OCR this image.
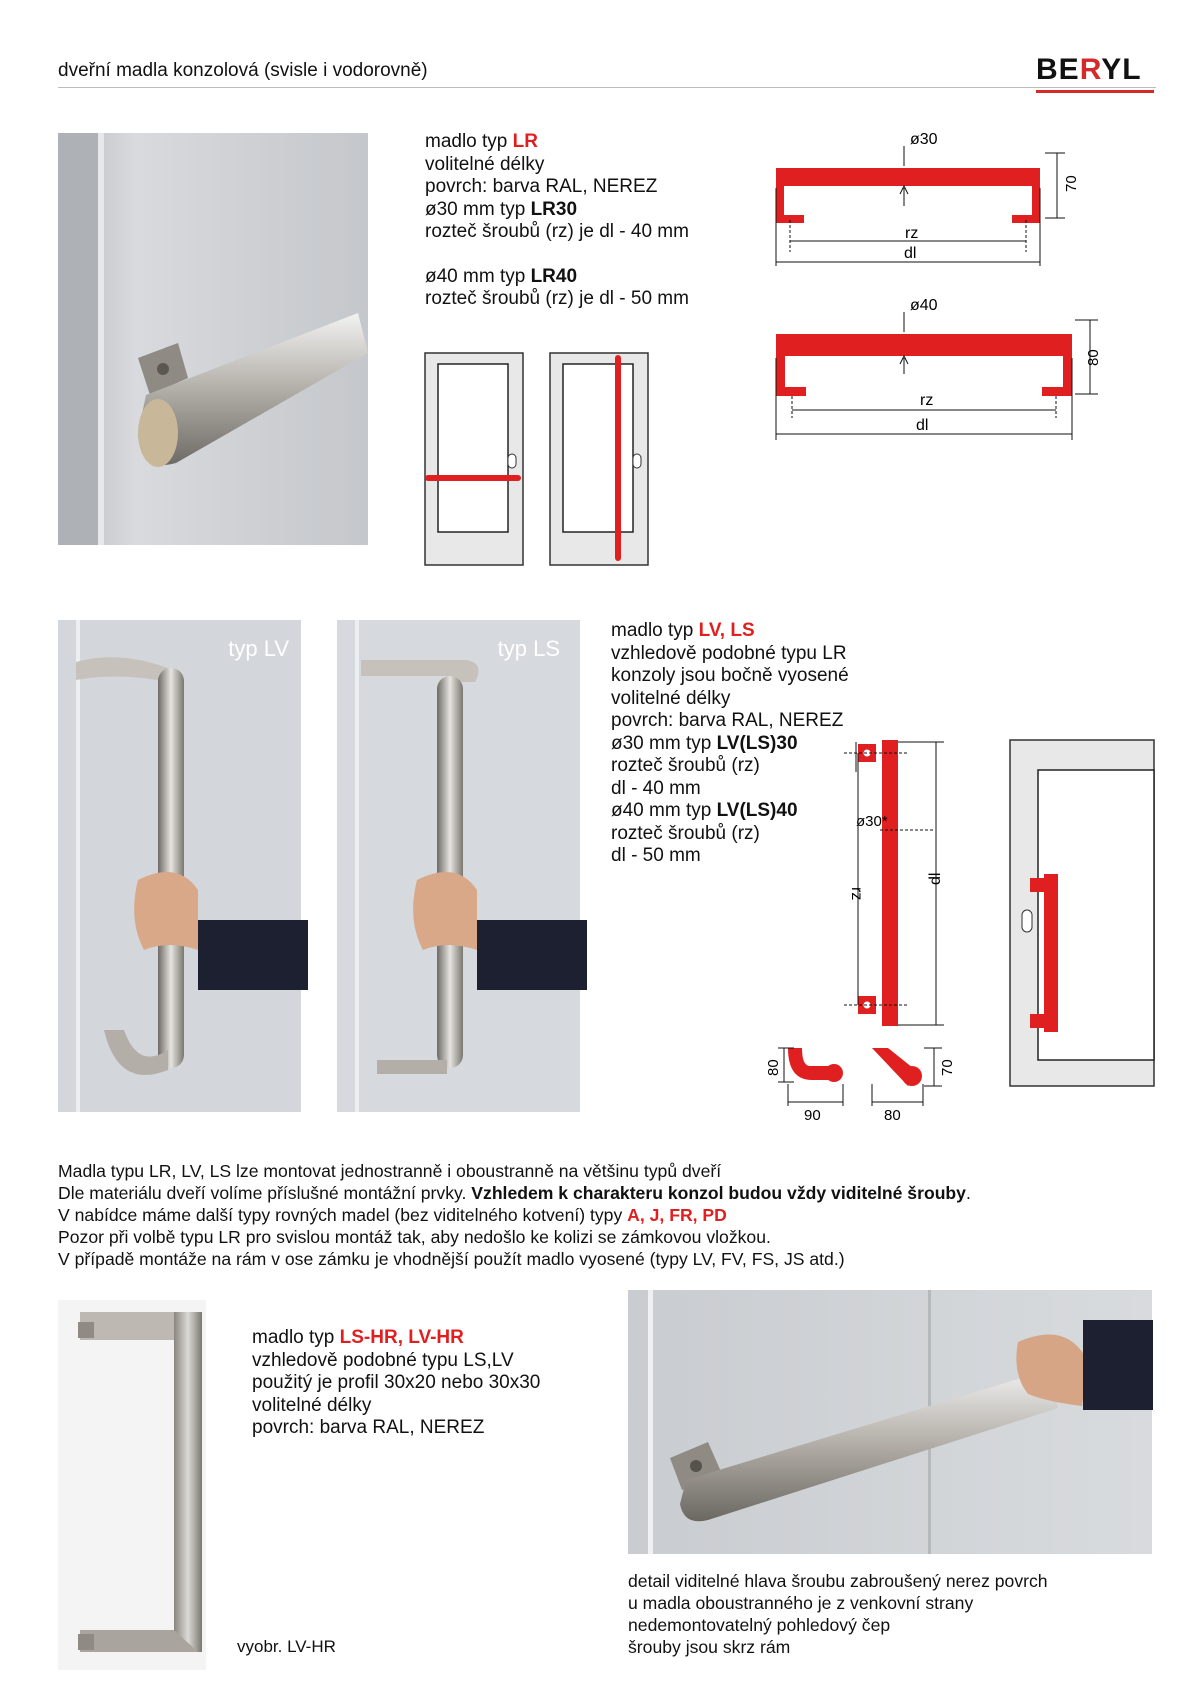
dveřní madla konzolová (svisle i vodorovně)	BERYL
madlo typ LR
volitelné délky
povrch: barva RAL, NEREZ
ø30 mm typ LR30
rozteč šroubů (rz) je dl - 40 mm
ø40 mm typ LR40
rozteč šroubů (rz) je dl - 50 mm
ø30
70
rz
dl
ø40
80
rz
dl
typ LV	typ LS
madlo typ LV, LS
vzhledově podobné typu LR
konzoly jsou bočně vyosené
volitelné délky
povrch: barva RAL, NEREZ
ø30 mm typ LV(LS)30
rozteč šroubů (rz)
dl - 40 mm
ø40 mm typ LV(LS)40
rozteč šroubů (rz)
dl - 50 mm
rz
dl
ø30*
80
90	80
70
Madla typu LR, LV, LS lze montovat jednostranně i oboustranně na většinu typů dveří
Dle materiálu dveří volíme příslušné montážní prvky. Vzhledem k charakteru konzol budou vždy viditelné šrouby.
V nabídce máme další typy rovných madel (bez viditelného kotvení) typy A, J, FR, PD
Pozor při volbě typu LR pro svislou montáž tak, aby nedošlo ke kolizi se zámkovou vložkou.
V případě montáže na rám v ose zámku je vhodnější použít madlo vyosené (typy LV, FV, FS, JS atd.)
madlo typ LS-HR, LV-HR
vzhledově podobné typu LS,LV
použitý je profil 30x20 nebo 30x30
volitelné délky
povrch: barva RAL, NEREZ
vyobr. LV-HR
detail viditelné hlava šroubu zabroušený nerez povrch
u madla oboustranného je z venkovní strany
nedemontovatelný pohledový čep
šrouby jsou skrz rám
